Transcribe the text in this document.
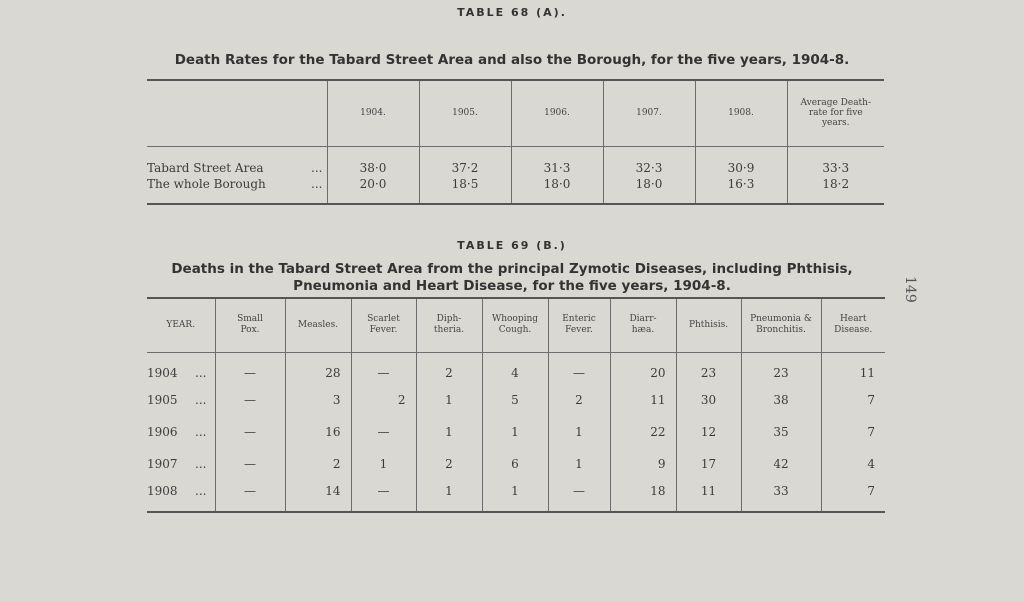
TABLE 68 (A).
Death Rates for the Tabard Street Area and also the Borough, for the five years, 1904-8.
	1904.	1905.	1906.	1907.	1908.	Average Death-rate for five years.
Tabard Street Area ...	38·0	37·2	31·3	32·3	30·9	33·3
The whole Borough ...	20·0	18·5	18·0	18·0	16·3	18·2
TABLE 69 (B.)
Deaths in the Tabard Street Area from the principal Zymotic Diseases, including Phthisis,
Pneumonia and Heart Disease, for the five years, 1904-8.
YEAR.	Small Pox.	Measles.	Scarlet Fever.	Diph- theria.	Whooping Cough.	Enteric Fever.	Diarr- hæa.	Phthisis.	Pneumonia & Bronchitis.	Heart Disease.
1904 ...	—	28	—	2	4	—	20	23	23	11
1905 ...	—	3	2	1	5	2	11	30	38	7
1906 ...	—	16	—	1	1	1	22	12	35	7
1907 ...	—	2	1	2	6	1	9	17	42	4
1908 ...	—	14	—	1	1	—	18	11	33	7
149
